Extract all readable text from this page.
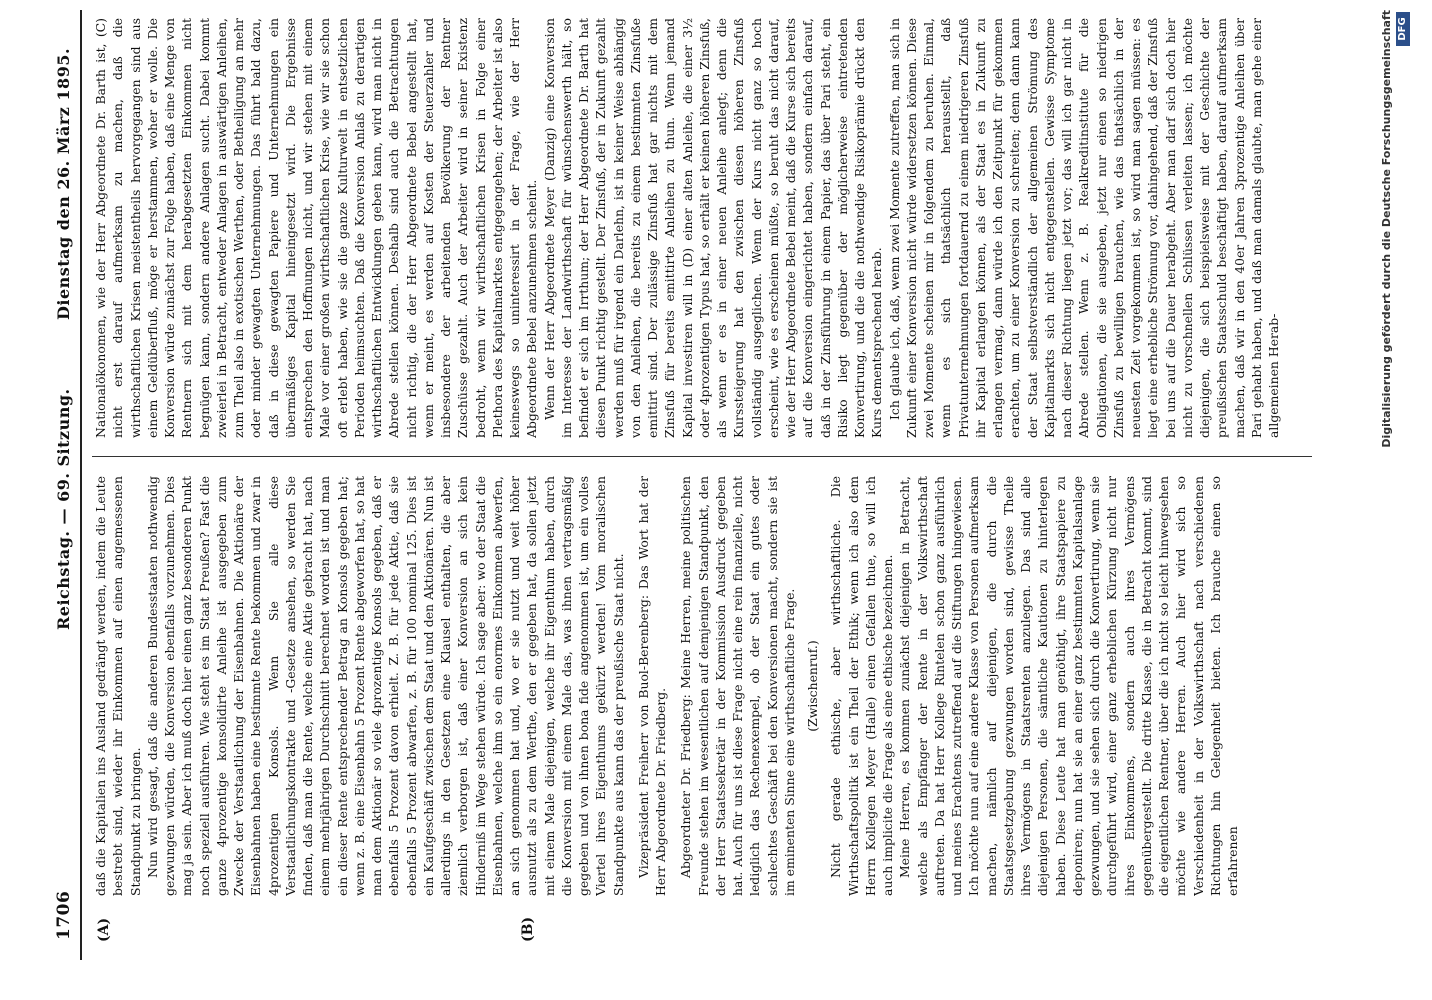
1706
Reichstag. — 69. Sitzung.
Dienstag den 26. März 1895.
(A)	(B)

daß die Kapitalien ins Ausland gedrängt werden, indem die Leute bestrebt sind, wieder ihr Einkommen auf einen angemessenen Standpunkt zu bringen. Nun wird gesagt, daß die anderen Bundesstaaten nothwendig gezwungen würden, die Konversion ebenfalls vorzunehmen. Dies mag ja sein. Aber ich muß doch hier einen ganz besonderen Punkt noch speziell ausführen. Wie steht es im Staat Preußen? Fast die ganze 4prozentige konsolidirte Anleihe ist ausgegeben zum Zwecke der Verstaatlichung der Eisenbahnen. Die Aktionäre der Eisenbahnen haben eine bestimmte Rente bekommen und zwar in 4prozentigen Konsols. Wenn Sie alle diese Verstaatlichungskontrakte und -Gesetze ansehen, so werden Sie finden, daß man die Rente, welche eine Aktie gebracht hat, nach einem mehrjährigen Durchschnitt berechnet worden ist und man ein dieser Rente entsprechender Betrag an Konsols gegeben hat; wenn z. B. eine Eisenbahn 5 Prozent Rente abgeworfen hat, so hat man dem Aktionär so viele 4prozentige Konsols gegeben, daß er ebenfalls 5 Prozent davon erhielt. Z. B. für jede Aktie, daß sie ebenfalls 5 Prozent abwarfen, z. B. für 100 nominal 125. Dies ist ein Kaufgeschäft zwischen dem Staat und den Aktionären. Nun ist allerdings in den Gesetzen eine Klausel enthalten, die aber ziemlich verborgen ist, daß einer Konversion an sich kein Hinderniß im Wege stehen würde. Ich sage aber: wo der Staat die Eisenbahnen, welche ihm so ein enormes Einkommen abwerfen, an sich genommen hat und, wo er sie nutzt und weit höher ausnutzt als zu dem Werthe, den er gegeben hat, da sollen jetzt mit einem Male diejenigen, welche ihr Eigenthum haben, durch die Konversion mit einem Male das, was ihnen vertragsmäßig gegeben und von ihnen bona fide angenommen ist, um ein volles Viertel ihres Eigenthums gekürzt werden! Vom moralischen Standpunkte aus kann das der preußische Staat nicht. Vizepräsident Freiherr von Buol-Berenberg: Das Wort hat der Herr Abgeordnete Dr. Friedberg. Abgeordneter Dr. Friedberg: Meine Herren, meine politischen Freunde stehen im wesentlichen auf demjenigen Standpunkt, den der Herr Staatssekretär in der Kommission Ausdruck gegeben hat. Auch für uns ist diese Frage nicht eine rein finanzielle, nicht lediglich das Rechenexempel, ob der Staat ein gutes oder schlechtes Geschäft bei den Konversionen macht, sondern sie ist im eminenten Sinne eine wirthschaftliche Frage. (Zwischenruf.) Nicht gerade ethische, aber wirthschaftliche. Die Wirthschaftspolitik ist ein Theil der Ethik; wenn ich also dem Herrn Kollegen Meyer (Halle) einen Gefallen thue, so will ich auch implicite die Frage als eine ethische bezeichnen. Meine Herren, es kommen zunächst diejenigen in Betracht, welche als Empfänger der Rente in der Volkswirthschaft auftreten. Da hat Herr Kollege Rintelen schon ganz ausführlich und meines Erachtens zutreffend auf die Stiftungen hingewiesen. Ich möchte nun auf eine andere Klasse von Personen aufmerksam machen, nämlich auf diejenigen, die durch die Staatsgesetzgebung gezwungen worden sind, gewisse Theile ihres Vermögens in Staatsrenten anzulegen. Das sind alle diejenigen Personen, die sämtliche Kautionen zu hinterlegen haben. Diese Leute hat man genöthigt, ihre Staatspapiere zu deponiren; nun hat sie an einer ganz bestimmten Kapitalsanlage gezwungen, und sie sehen sich durch die Konvertirung, wenn sie durchgeführt wird, einer ganz erheblichen Kürzung nicht nur ihres Einkommens, sondern auch ihres Vermögens gegenübergestellt. Die dritte Klasse, die in Betracht kommt, sind die eigentlichen Rentner, über die ich nicht so leicht hinwegsehen möchte wie andere Herren. Auch hier wird sich so Verschiedenheit in der Volkswirthschaft nach verschiedenen Richtungen hin Gelegenheit bieten. Ich brauche einen so erfahrenen

Nationalökonomen, wie der Herr Abgeordnete Dr. Barth ist, (C) nicht erst darauf aufmerksam zu machen, daß die wirthschaftlichen Krisen meistentheils hervorgegangen sind aus einem Geldüberfluß, möge er herstammen, woher er wolle. Die Konversion würde zunächst zur Folge haben, daß eine Menge von Rentnern sich mit dem herabgesetzten Einkommen nicht begnügen kann, sondern andere Anlagen sucht. Dabei kommt zweierlei in Betracht, entweder Anlagen in auswärtigen Anleihen, zum Theil also in exotischen Werthen, oder Betheiligung an mehr oder minder gewagten Unternehmungen. Das führt bald dazu, daß in diese gewagten Papiere und Unternehmungen ein übermäßiges Kapital hineingesetzt wird. Die Ergebnisse entsprechen den Hoffnungen nicht, und wir stehen mit einem Male vor einer großen wirthschaftlichen Krise, wie wir sie schon oft erlebt haben, wie sie die ganze Kulturwelt in entsetzlichen Perioden heimsuchten. Daß die Konversion Anlaß zu derartigen wirthschaftlichen Entwicklungen geben kann, wird man nicht in Abrede stellen können. Deshalb sind auch die Betrachtungen nicht richtig, die der Herr Abgeordnete Bebel angestellt hat, wenn er meint, es werden auf Kosten der Steuerzahler und insbesondere der arbeitenden Bevölkerung der Rentner Zuschüsse gezahlt. Auch der Arbeiter wird in seiner Existenz bedroht, wenn wir wirthschaftlichen Krisen in Folge einer Plethora des Kapitalmarktes entgegengehen; der Arbeiter ist also keineswegs so uninteressirt in der Frage, wie der Herr Abgeordnete Bebel anzunehmen scheint. Wenn der Herr Abgeordnete Meyer (Danzig) eine Konversion im Interesse der Landwirthschaft für wünschenswerth hält, so befindet er sich im Irrthum; der Herr Abgeordnete Dr. Barth hat diesen Punkt richtig gestellt. Der Zinsfuß, der in Zukunft gezahlt werden muß für irgend ein Darlehn, ist in keiner Weise abhängig von den Anleihen, die bereits zu einem bestimmten Zinsfuße emittirt sind. Der zulässige Zinsfuß hat gar nichts mit dem Zinsfuß für bereits emittirte Anleihen zu thun. Wenn jemand Kapital investiren will in (D) einer alten Anleihe, die einer 3½ oder 4prozentigen Typus hat, so erhält er keinen höheren Zinsfuß, als wenn er es in einer neuen Anleihe anlegt; denn die Kurssteigerung hat den zwischen diesen höheren Zinsfuß vollständig ausgeglichen. Wenn der Kurs nicht ganz so hoch erscheint, wie es erscheinen müßte, so beruht das nicht darauf, wie der Herr Abgeordnete Bebel meint, daß die Kurse sich bereits auf die Konversion eingerichtet haben, sondern einfach darauf, daß in der Zinsführung in einem Papier, das über Pari steht, ein Risiko liegt gegenüber der möglicherweise eintretenden Konvertirung, und die die nothwendige Risikoprämie drückt den Kurs dementsprechend herab. Ich glaube ich, daß, wenn zwei Momente zutreffen, man sich in Zukunft einer Konversion nicht würde widersetzen können. Diese zwei Momente scheinen mir in folgendem zu beruhen. Einmal, wenn es sich thatsächlich herausstellt, daß Privatunternehmungen fortdauernd zu einem niedrigeren Zinsfuß ihr Kapital erlangen können, als der Staat es in Zukunft zu erlangen vermag, dann würde ich den Zeitpunkt für gekommen erachten, um zu einer Konversion zu schreiten; denn dann kann der Staat selbstverständlich der allgemeinen Strömung des Kapitalmarkts sich nicht entgegenstellen. Gewisse Symptome nach dieser Richtung liegen jetzt vor; das will ich gar nicht in Abrede stellen. Wenn z. B. Realkreditinstitute für die Obligationen, die sie ausgeben, jetzt nur einen so niedrigen Zinsfuß zu bewilligen brauchen, wie das thatsächlich in der neuesten Zeit vorgekommen ist, so wird man sagen müssen: es liegt eine erhebliche Strömung vor, dahingehend, daß der Zinsfuß bei uns auf die Dauer herabgeht. Aber man darf sich doch hier nicht zu vorschnellen Schlüssen verleiten lassen; ich möchte diejenigen, die sich beispielsweise mit der Geschichte der preußischen Staatsschuld beschäftigt haben, darauf aufmerksam machen, daß wir in den 40er Jahren 3prozentige Anleihen über Pari gehabt haben, und daß man damals glaubte, man gehe einer allgemeinen Herab-	Digitalisierung gefördert durch die Deutsche Forschungsgemeinschaft DFG
